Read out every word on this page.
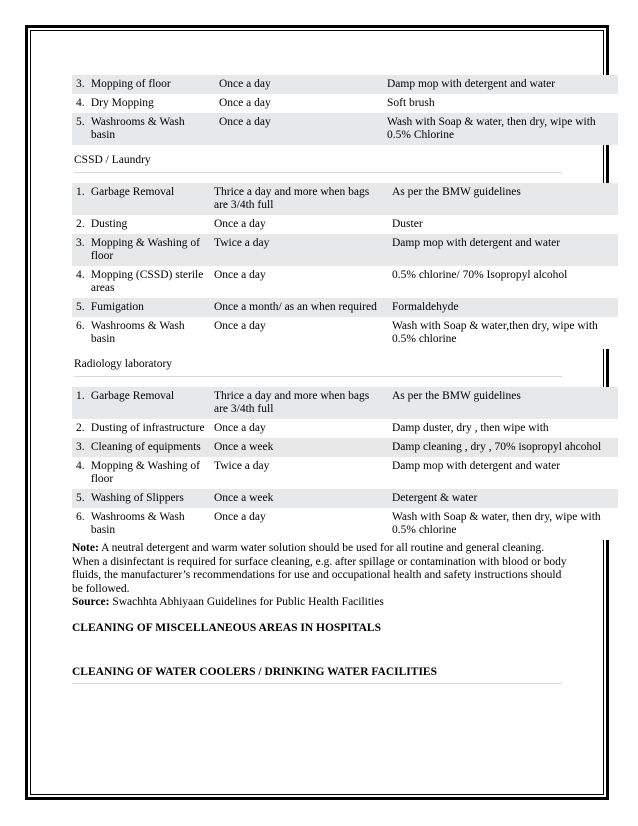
3. Mopping of floor	Once a day	Damp mop with detergent and water
4. Dry Mopping	Once a day	Soft brush
5. Washrooms & Wash basin	Once a day	Wash with Soap & water, then dry, wipe with 0.5% Chlorine
CSSD / Laundry
1. Garbage Removal	Thrice a day and more when bags are 3/4th full	As per the BMW guidelines
2. Dusting	Once a day	Duster
3. Mopping & Washing of floor	Twice a day	Damp mop with detergent and water
4. Mopping (CSSD) sterile areas	Once a day	0.5% chlorine/ 70% Isopropyl alcohol
5. Fumigation	Once a month/ as an when required	Formaldehyde
6. Washrooms & Wash basin	Once a day	Wash with Soap & water,then dry, wipe with 0.5% chlorine
Radiology laboratory
1. Garbage Removal	Thrice a day and more when bags are 3/4th full	As per the BMW guidelines
2. Dusting of infrastructure	Once a day	Damp duster, dry , then wipe with
3. Cleaning of equipments	Once a week	Damp cleaning , dry , 70% isopropyl ahcohol
4. Mopping & Washing of floor	Twice a day	Damp mop with detergent and water
5. Washing of Slippers	Once a week	Detergent & water
6. Washrooms & Wash basin	Once a day	Wash with Soap & water, then dry, wipe with 0.5% chlorine
Note: A neutral detergent and warm water solution should be used for all routine and general cleaning. When a disinfectant is required for surface cleaning, e.g. after spillage or contamination with blood or body fluids, the manufacturer’s recommendations for use and occupational health and safety instructions should be followed.
Source: Swachhta Abhiyaan Guidelines for Public Health Facilities
CLEANING OF MISCELLANEOUS AREAS IN HOSPITALS
CLEANING OF WATER COOLERS / DRINKING WATER FACILITIES
